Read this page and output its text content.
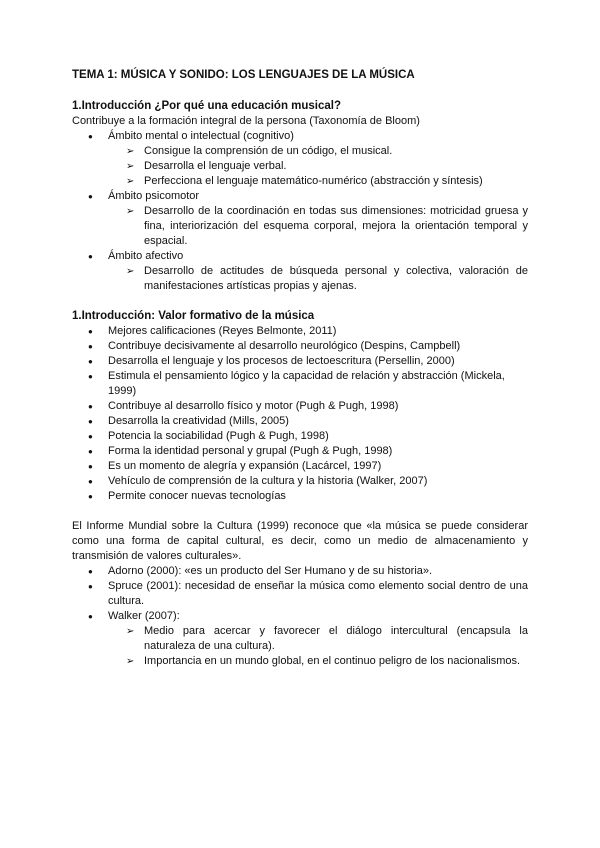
TEMA 1: MÚSICA Y SONIDO: LOS LENGUAJES DE LA MÚSICA
1.Introducción ¿Por qué una educación musical?
Contribuye a la formación integral de la persona (Taxonomía de Bloom)
● Ámbito mental o intelectual (cognitivo)
➢ Consigue la comprensión de un código, el musical.
➢ Desarrolla el lenguaje verbal.
➢ Perfecciona el lenguaje matemático-numérico (abstracción y síntesis)
● Ámbito psicomotor
➢ Desarrollo de la coordinación en todas sus dimensiones: motricidad gruesa y fina, interiorización del esquema corporal, mejora la orientación temporal y espacial.
● Ámbito afectivo
➢ Desarrollo de actitudes de búsqueda personal y colectiva, valoración de manifestaciones artísticas propias y ajenas.
1.Introducción: Valor formativo de la música
● Mejores calificaciones (Reyes Belmonte, 2011)
● Contribuye decisivamente al desarrollo neurológico (Despins, Campbell)
● Desarrolla el lenguaje y los procesos de lectoescritura (Persellin, 2000)
● Estimula el pensamiento lógico y la capacidad de relación y abstracción (Mickela, 1999)
● Contribuye al desarrollo físico y motor (Pugh & Pugh, 1998)
● Desarrolla la creatividad (Mills, 2005)
● Potencia la sociabilidad (Pugh & Pugh, 1998)
● Forma la identidad personal y grupal (Pugh & Pugh, 1998)
● Es un momento de alegría y expansión (Lacárcel, 1997)
● Vehículo de comprensión de la cultura y la historia (Walker, 2007)
● Permite conocer nuevas tecnologías
El Informe Mundial sobre la Cultura (1999) reconoce que «la música se puede considerar como una forma de capital cultural, es decir, como un medio de almacenamiento y transmisión de valores culturales».
● Adorno (2000): «es un producto del Ser Humano y de su historia».
● Spruce (2001): necesidad de enseñar la música como elemento social dentro de una cultura.
● Walker (2007):
➢ Medio para acercar y favorecer el diálogo intercultural (encapsula la naturaleza de una cultura).
➢ Importancia en un mundo global, en el continuo peligro de los nacionalismos.
